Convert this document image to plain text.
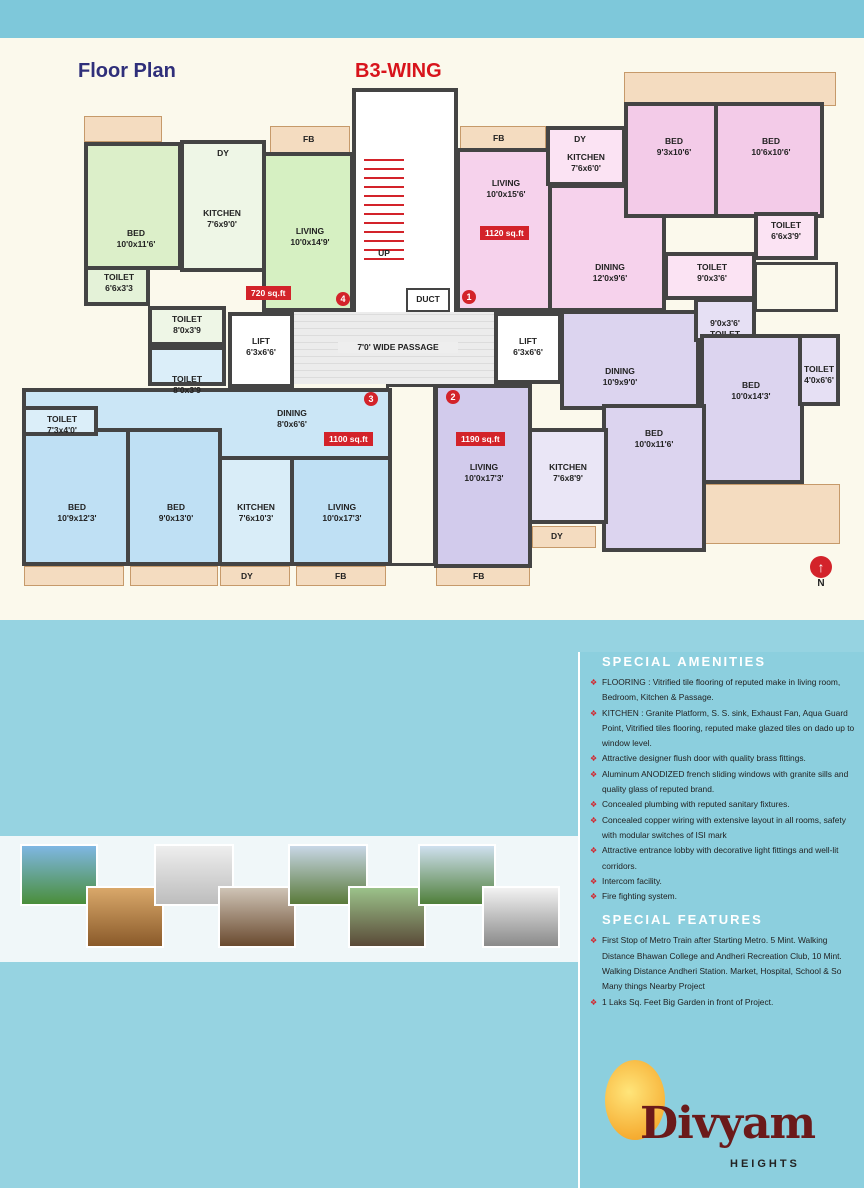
Floor Plan	B3-WING
FB	FB
DY	FB	FB
BED
10'0x11'6'
TOILET
6'6x3'3
DY
KITCHEN
7'6x9'0'
LIVING
10'0x14'9'
720 sq.ft
4
TOILET
8'0x3'9
UP
DUCT
7'0' WIDE PASSAGE
LIFT
6'3x6'6'
LIFT
6'3x6'6'
LIVING
10'0x15'6'
1120 sq.ft
1
DY
KITCHEN
7'6x6'0'
DINING
12'0x9'6'
BED
9'3x10'6'
BED
10'6x10'6'
TOILET
6'6x3'9'
TOILET
9'0x3'6'
DINING
10'9x9'0'
9'0x3'6'
BED
10'0x14'3'
TOILET
4'0x6'6'
BED
10'0x11'6'
KITCHEN
7'6x8'9'
DY
LIVING
10'0x17'3'
1190 sq.ft
2
DINING
8'0x6'6'
1100 sq.ft
3
BED
10'9x12'3'
TOILET
7'3x4'0'
BED
9'0x13'0'
KITCHEN
7'6x10'3'
LIVING
10'0x17'3'
TOILET
8'0x3'9
↑
N
SPECIAL AMENITIES
❖ FLOORING : Vitrified tile flooring of reputed make in living room, Bedroom, Kitchen & Passage.
❖ KITCHEN : Granite Platform, S. S. sink, Exhaust Fan, Aqua Guard Point, Vitrified tiles flooring, reputed make glazed tiles on dado up to window level.
❖ Attractive designer flush door with quality brass fittings.
❖ Aluminum ANODIZED french sliding windows with granite sills and quality glass of reputed brand.
❖ Concealed plumbing with reputed sanitary fixtures.
❖ Concealed copper wiring with extensive layout in all rooms, safety with modular switches of ISI mark
❖ Attractive entrance lobby with decorative light fittings and well-lit corridors.
❖ Intercom facility.
❖ Fire fighting system.
SPECIAL FEATURES
❖ First Stop of Metro Train after Starting Metro. 5 Mint. Walking Distance Bhawan College and Andheri Recreation Club, 10 Mint. Walking Distance Andheri Station. Market, Hospital, School & So Many things Nearby Project
❖ 1 Laks Sq. Feet Big Garden in front of Project.
Divyam
HEIGHTS
